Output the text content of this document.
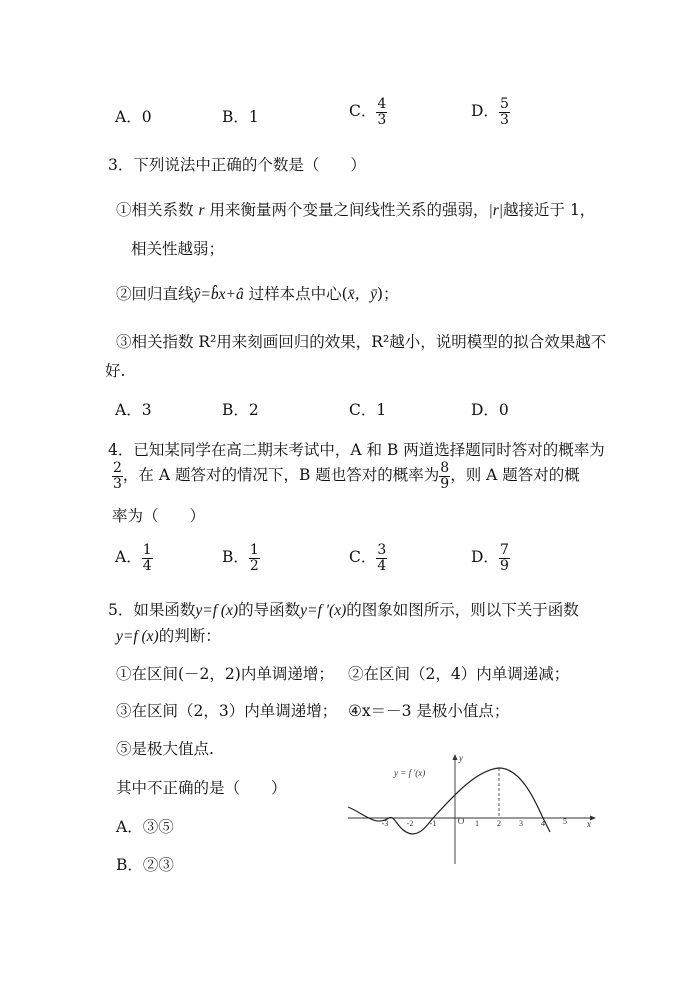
A．0	B．1	C． $\frac{4}{3}$	D． $\frac{5}{3}$
3．下列说法中正确的个数是（　　）
①相关系数 r 用来衡量两个变量之间线性关系的强弱，|r|越接近于 1，
相关性越弱；
②回归直线ŷ=b̂x+â 过样本点中心(x̄，ȳ)；
③相关指数 R²用来刻画回归的效果，R²越小，说明模型的拟合效果越不
好.
A．3	B．2	C．1	D．0
4．已知某同学在高二期末考试中，A 和 B 两道选择题同时答对的概率为
$\frac{2}{3}$ ，在 A 题答对的情况下，B 题也答对的概率为 $\frac{8}{9}$ ，则 A 题答对的概
率为（　　）
A． $\frac{1}{4}$	B． $\frac{1}{2}$	C． $\frac{3}{4}$	D． $\frac{7}{9}$
5．如果函数y=f (x)的导函数y=f ′(x)的图象如图所示，则以下关于函数
y=f (x)的判断：
①在区间(－2，2)内单调递增； ②在区间（2，4）内单调递减；
③在区间（2，3）内单调递增； ④x＝－3 是极小值点；
⑤是极大值点.
其中不正确的是（　　）
A．③⑤
B．②③
-3 -2 -1 O 1 2 3 4 5 x
y
y = f ′(x)
